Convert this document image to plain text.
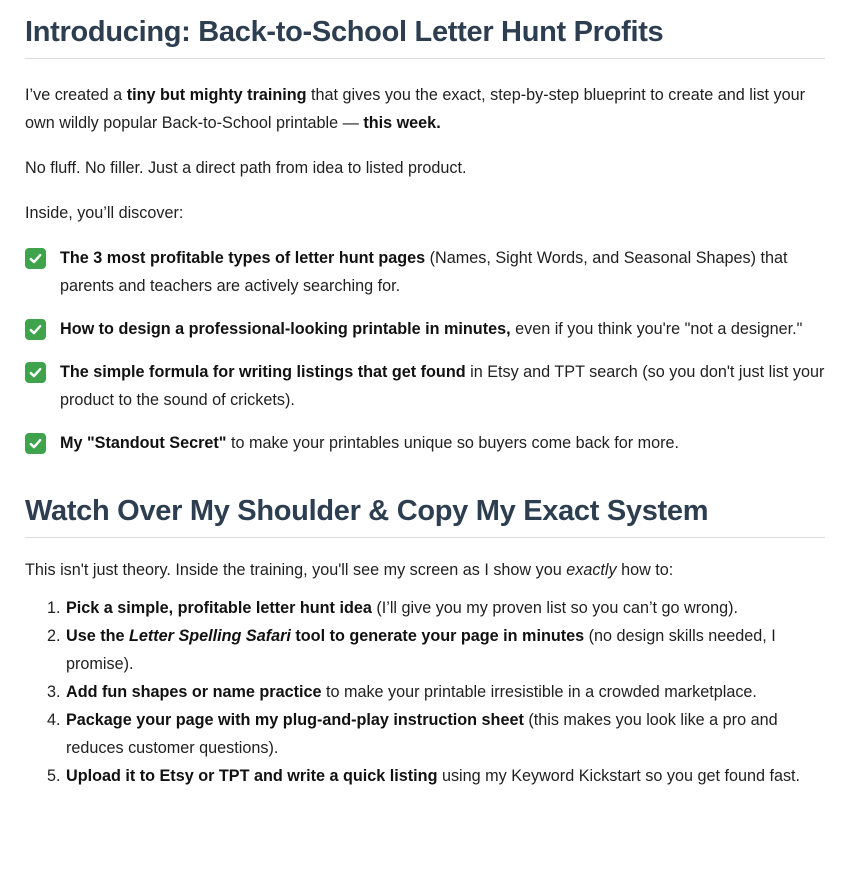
Introducing: Back-to-School Letter Hunt Profits

I’ve created a tiny but mighty training that gives you the exact, step-by-step blueprint to create and list your own wildly popular Back-to-School printable — this week.

No fluff. No filler. Just a direct path from idea to listed product.

Inside, you’ll discover:

The 3 most profitable types of letter hunt pages (Names, Sight Words, and Seasonal Shapes) that parents and teachers are actively searching for.
How to design a professional-looking printable in minutes, even if you think you're "not a designer."
The simple formula for writing listings that get found in Etsy and TPT search (so you don't just list your product to the sound of crickets).
My "Standout Secret" to make your printables unique so buyers come back for more.
Watch Over My Shoulder & Copy My Exact System

This isn't just theory. Inside the training, you'll see my screen as I show you exactly how to:

1. Pick a simple, profitable letter hunt idea (I’ll give you my proven list so you can’t go wrong).
2. Use the Letter Spelling Safari tool to generate your page in minutes (no design skills needed, I promise).
3. Add fun shapes or name practice to make your printable irresistible in a crowded marketplace.
4. Package your page with my plug-and-play instruction sheet (this makes you look like a pro and reduces customer questions).
5. Upload it to Etsy or TPT and write a quick listing using my Keyword Kickstart so you get found fast.
